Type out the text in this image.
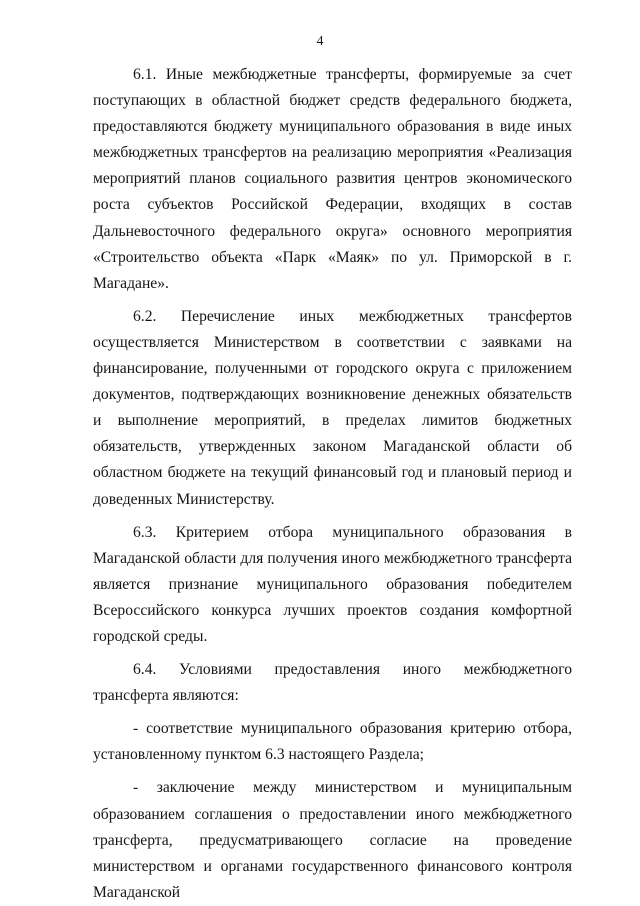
4

6.1. Иные межбюджетные трансферты, формируемые за счет поступающих в областной бюджет средств федерального бюджета, предоставляются бюджету муниципального образования в виде иных межбюджетных трансфертов на реализацию мероприятия «Реализация мероприятий планов социального развития центров экономического роста субъектов Российской Федерации, входящих в состав Дальневосточного федерального округа» основного мероприятия «Строительство объекта «Парк «Маяк» по ул. Приморской в г. Магадане».

6.2. Перечисление иных межбюджетных трансфертов осуществляется Министерством в соответствии с заявками на финансирование, полученными от городского округа с приложением документов, подтверждающих возникновение денежных обязательств и выполнение мероприятий, в пределах лимитов бюджетных обязательств, утвержденных законом Магаданской области об областном бюджете на текущий финансовый год и плановый период и доведенных Министерству.

6.3. Критерием отбора муниципального образования в Магаданской области для получения иного межбюджетного трансферта является признание муниципального образования победителем Всероссийского конкурса лучших проектов создания комфортной городской среды.

6.4. Условиями предоставления иного межбюджетного трансферта являются:

- соответствие муниципального образования критерию отбора, установленному пунктом 6.3 настоящего Раздела;

- заключение между министерством и муниципальным образованием соглашения о предоставлении иного межбюджетного трансферта, предусматривающего согласие на проведение министерством и органами государственного финансового контроля Магаданской
